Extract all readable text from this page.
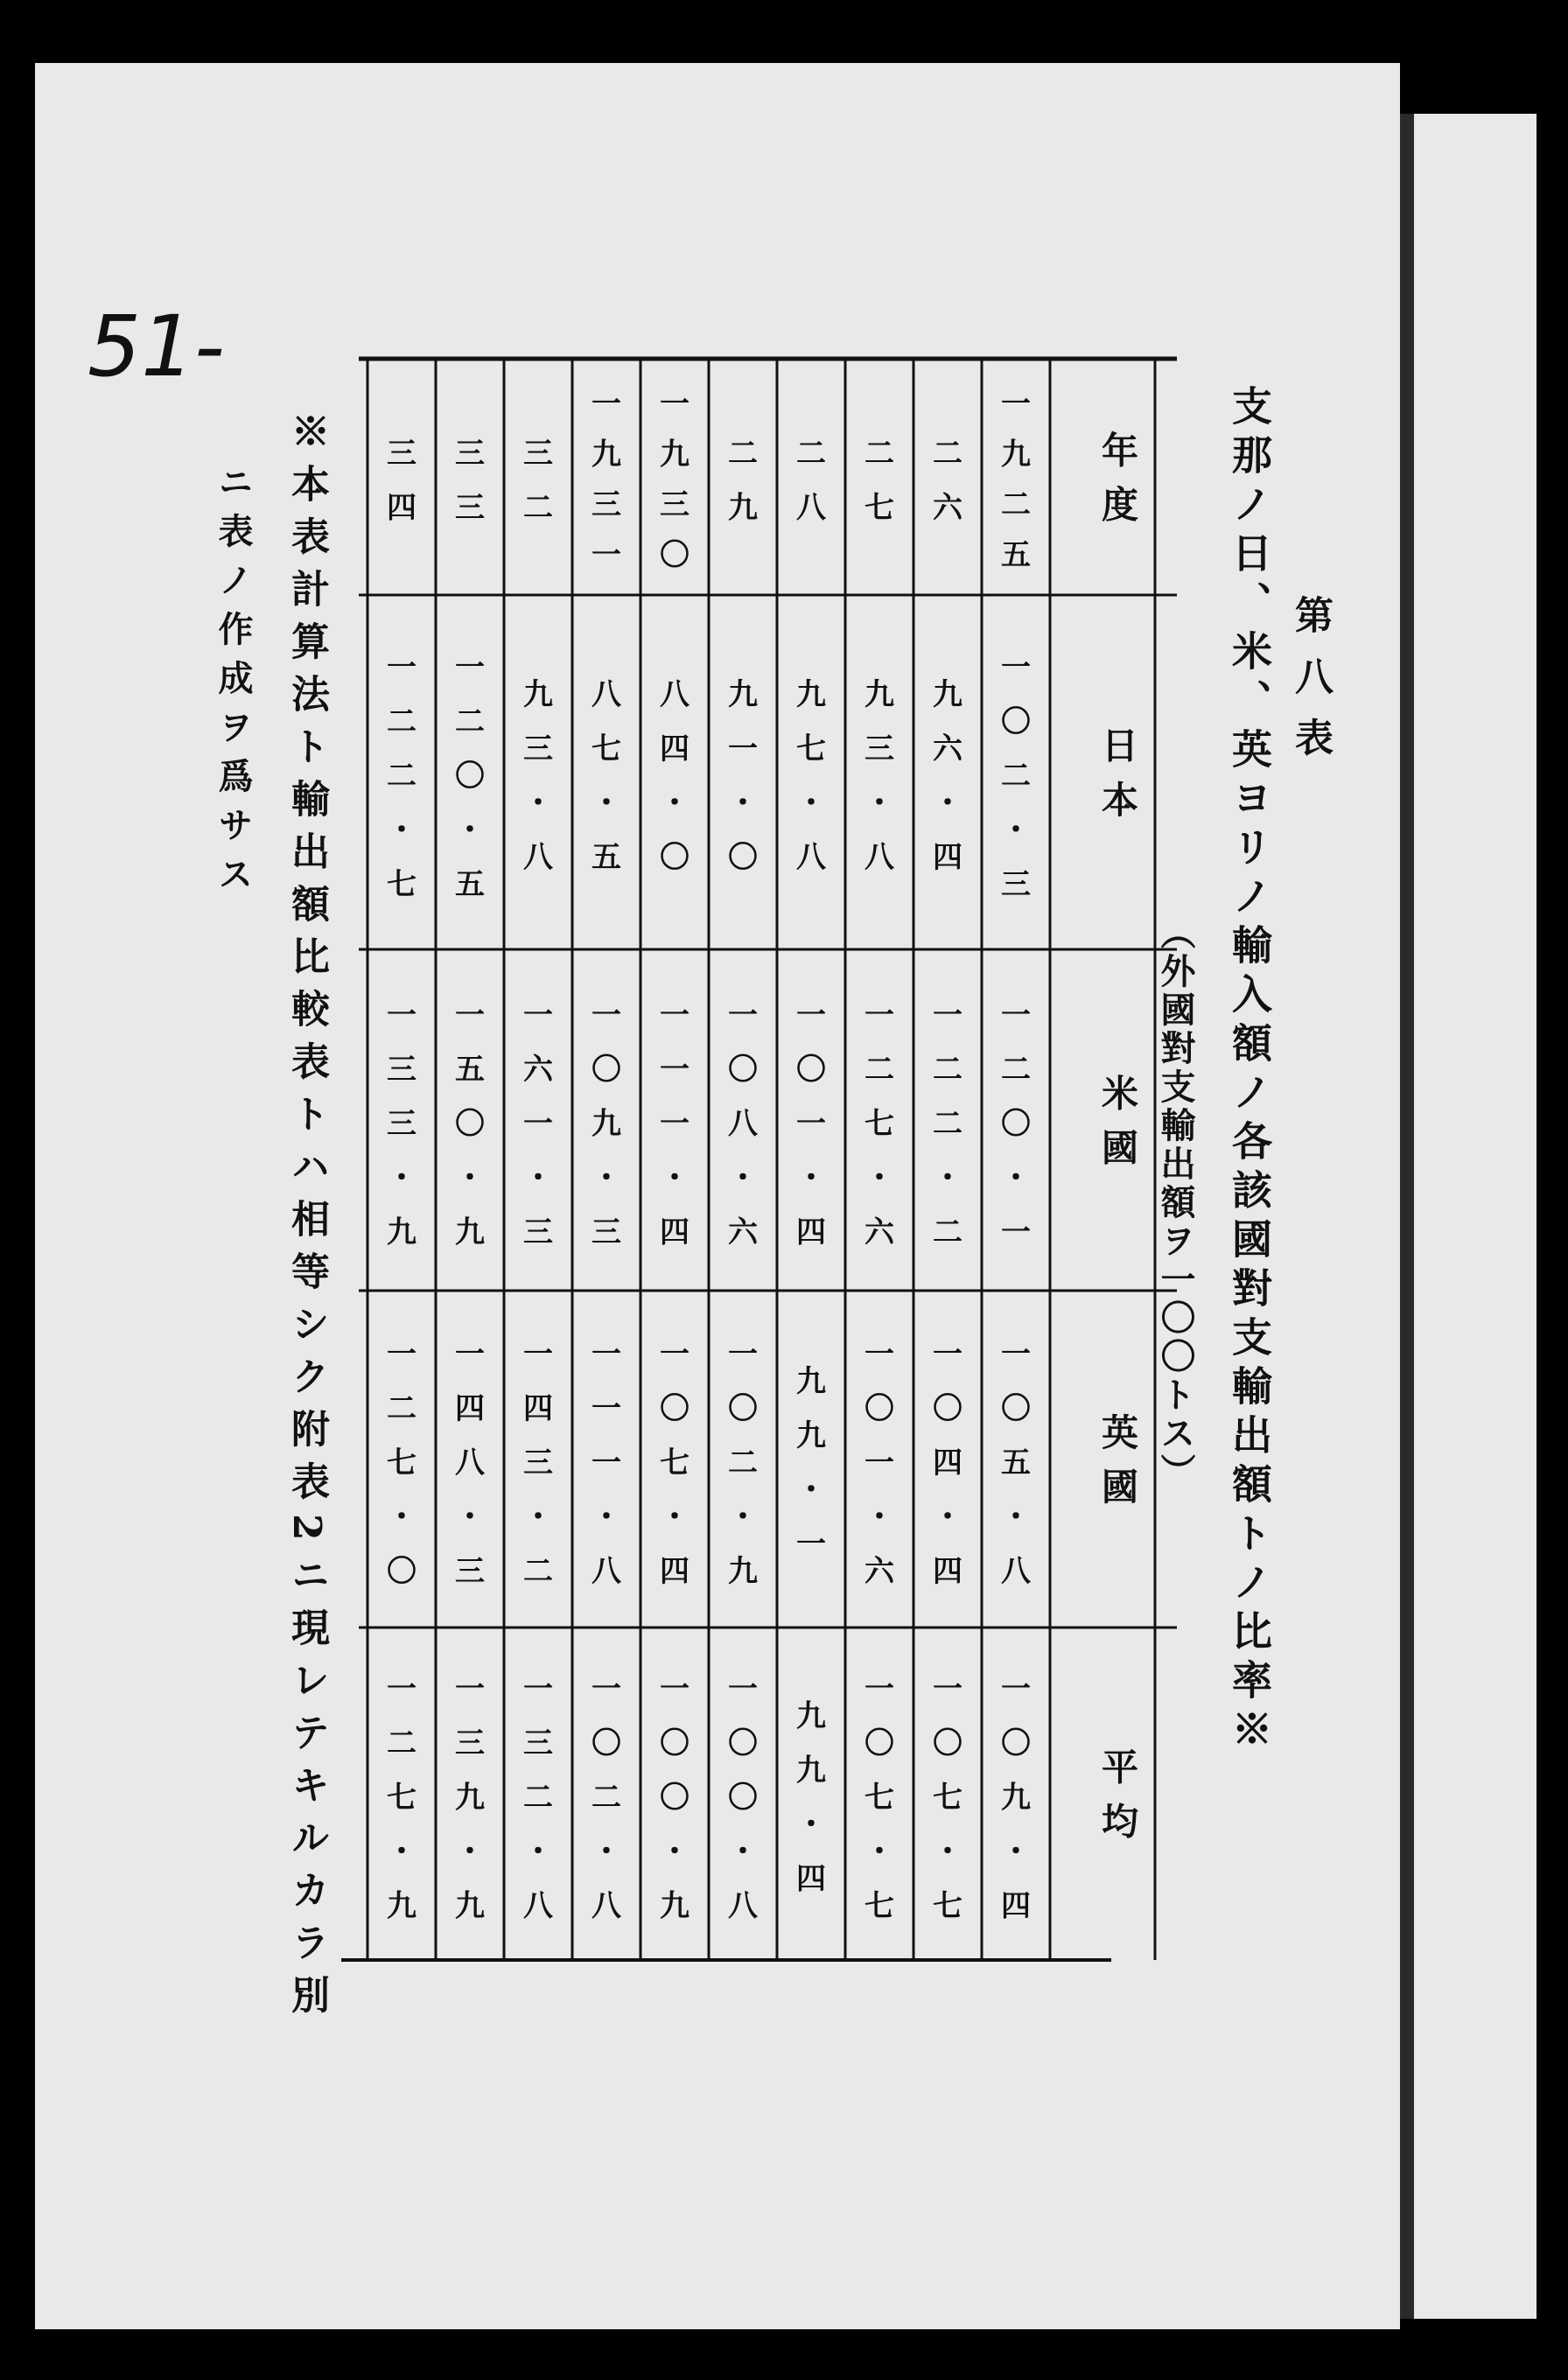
51-
支那ノ日、米、英ヨリノ輸入額ノ各該國對支輸出額トノ比率※ 第八表
（外國對支輸出額ヲ一〇〇トス）
※本表計算法ト輸出額比較表トハ相等シク附表2ニ現レテキルカラ別
ニ表ノ作成ヲ爲サス
年度
日本
米國
英國
平均
一九二五
一〇二・三
一二〇・一
一〇五・八
一〇九・四
二六
九六・四
一二二・二
一〇四・四
一〇七・七
二七
九三・八
一二七・六
一〇一・六
一〇七・七
二八
九七・八
一〇一・四
九九・一
九九・四
二九
九一・〇
一〇八・六
一〇二・九
一〇〇・八
一九三〇
八四・〇
一一一・四
一〇七・四
一〇〇・九
一九三一
八七・五
一〇九・三
一一一・八
一〇二・八
三二
九三・八
一六一・三
一四三・二
一三二・八
三三
一二〇・五
一五〇・九
一四八・三
一三九・九
三四
一二二・七
一三三・九
一二七・〇
一二七・九
